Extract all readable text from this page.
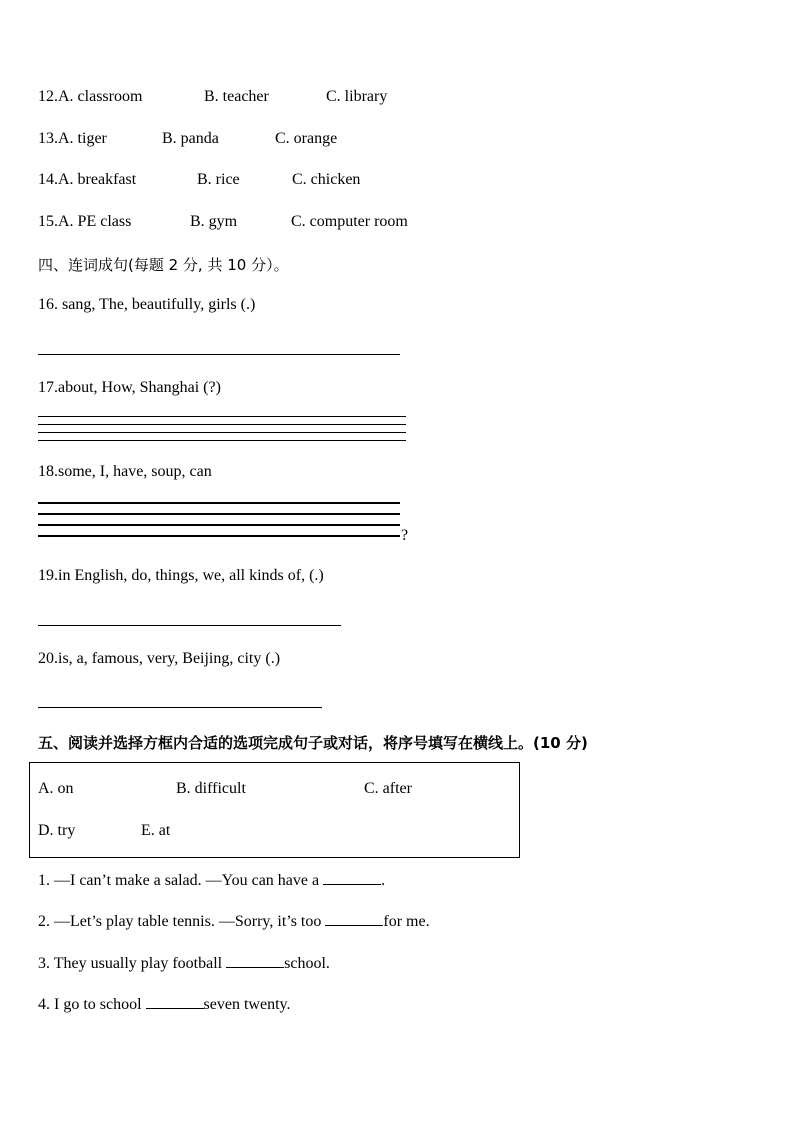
12.A. classroom	B. teacher	C. library
13.A. tiger	B. panda	C. orange
14.A. breakfast	B. rice	C. chicken
15.A. PE class	B. gym	C. computer room
四、连词成句(每题 2 分, 共 10 分）。
16. sang, The, beautifully, girls (.)
17.about, How, Shanghai (?)
18.some, I, have, soup, can
?
19.in English, do, things, we, all kinds of, (.)
20.is, a, famous, very, Beijing, city (.)
五、阅读并选择方框内合适的选项完成句子或对话，将序号填写在横线上。(10 分)
A. on	B. difficult	C. after
D. try	E. at
1. —I can’t make a salad. —You can have a	.
2. —Let’s play table tennis. —Sorry, it’s too	for me.
3. They usually play football	school.
4. I go to school	seven twenty.
